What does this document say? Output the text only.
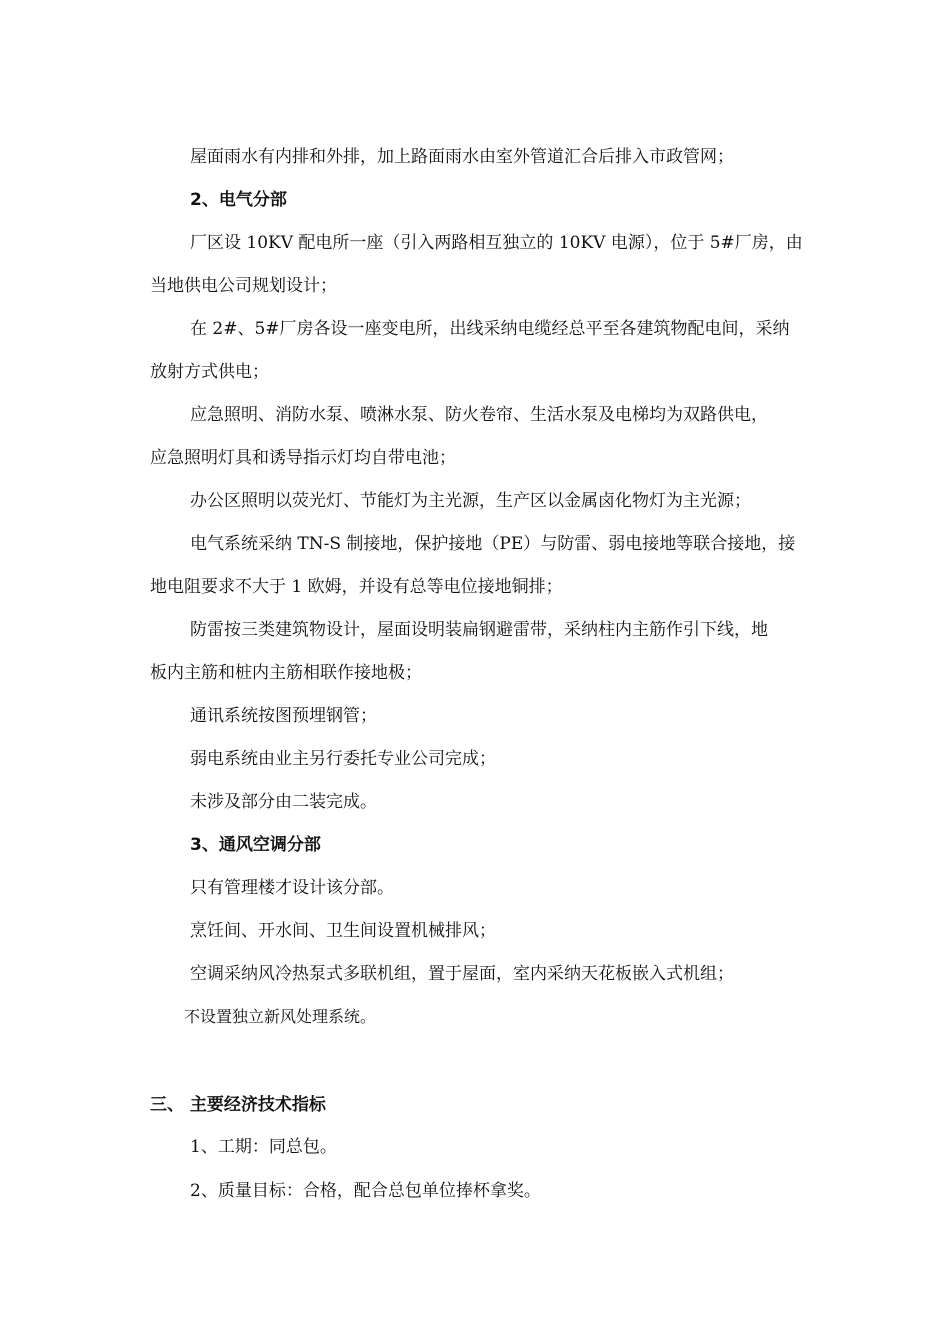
屋面雨水有内排和外排，加上路面雨水由室外管道汇合后排入市政管网；
2、电气分部
厂区设 10KV 配电所一座（引入两路相互独立的 10KV 电源），位于 5#厂房，由
当地供电公司规划设计；
在 2#、5#厂房各设一座变电所，出线采纳电缆经总平至各建筑物配电间，采纳
放射方式供电；
应急照明、消防水泵、喷淋水泵、防火卷帘、生活水泵及电梯均为双路供电，
应急照明灯具和诱导指示灯均自带电池；
办公区照明以荧光灯、节能灯为主光源，生产区以金属卤化物灯为主光源；
电气系统采纳 TN-S 制接地，保护接地（PE）与防雷、弱电接地等联合接地，接
地电阻要求不大于 1 欧姆，并设有总等电位接地铜排；
防雷按三类建筑物设计，屋面设明装扁钢避雷带，采纳柱内主筋作引下线，地
板内主筋和桩内主筋相联作接地极；
通讯系统按图预埋钢管；
弱电系统由业主另行委托专业公司完成；
未涉及部分由二装完成。
3、通风空调分部
只有管理楼才设计该分部。
烹饪间、开水间、卫生间设置机械排风；
空调采纳风冷热泵式多联机组，置于屋面，室内采纳天花板嵌入式机组；
不设置独立新风处理系统。
三、 主要经济技术指标
1、工期：同总包。
2、质量目标：合格，配合总包单位捧杯拿奖。
